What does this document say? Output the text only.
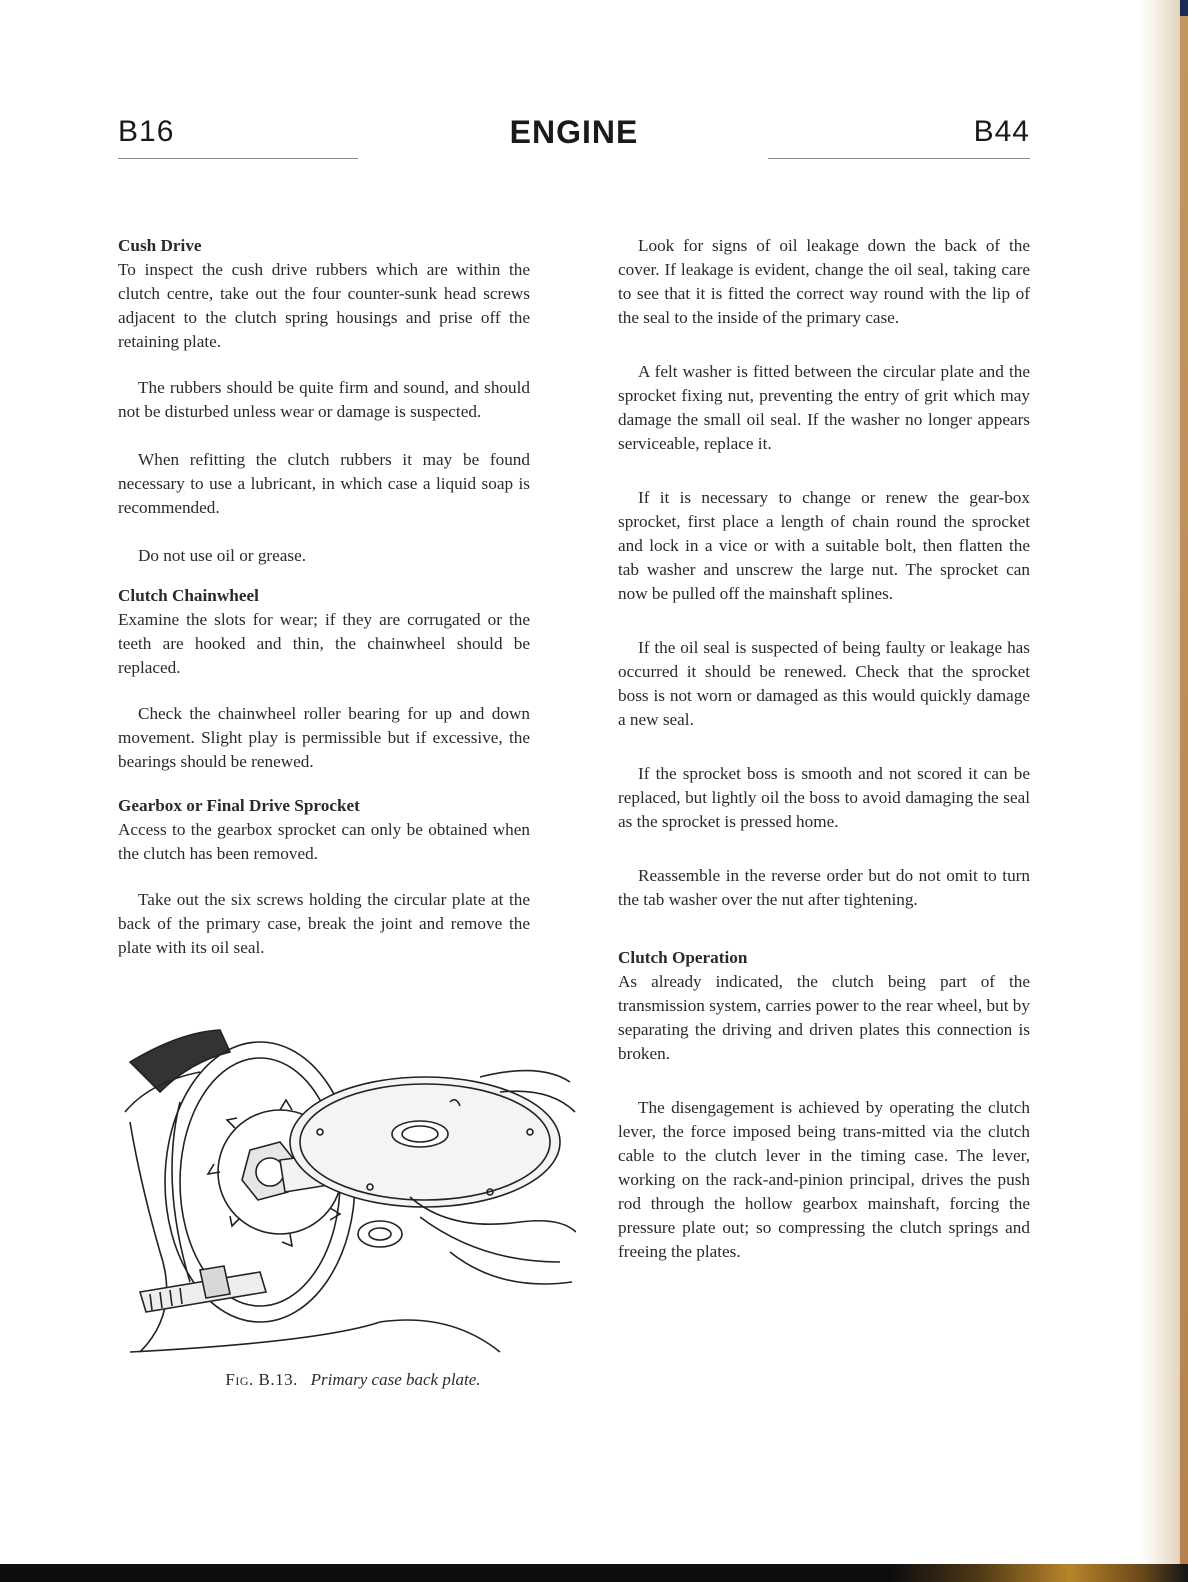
B16	ENGINE	B44

Cush Drive

To inspect the cush drive rubbers which are within the clutch centre, take out the four counter-sunk head screws adjacent to the clutch spring housings and prise off the retaining plate.

The rubbers should be quite firm and sound, and should not be disturbed unless wear or damage is suspected.

When refitting the clutch rubbers it may be found necessary to use a lubricant, in which case a liquid soap is recommended.

Do not use oil or grease.

Clutch Chainwheel

Examine the slots for wear; if they are corrugated or the teeth are hooked and thin, the chainwheel should be replaced.

Check the chainwheel roller bearing for up and down movement. Slight play is permissible but if excessive, the bearings should be renewed.

Gearbox or Final Drive Sprocket

Access to the gearbox sprocket can only be obtained when the clutch has been removed.

Take out the six screws holding the circular plate at the back of the primary case, break the joint and remove the plate with its oil seal.

Fig. B.13. Primary case back plate.

Look for signs of oil leakage down the back of the cover. If leakage is evident, change the oil seal, taking care to see that it is fitted the correct way round with the lip of the seal to the inside of the primary case.

A felt washer is fitted between the circular plate and the sprocket fixing nut, preventing the entry of grit which may damage the small oil seal. If the washer no longer appears serviceable, replace it.

If it is necessary to change or renew the gear-box sprocket, first place a length of chain round the sprocket and lock in a vice or with a suitable bolt, then flatten the tab washer and unscrew the large nut. The sprocket can now be pulled off the mainshaft splines.

If the oil seal is suspected of being faulty or leakage has occurred it should be renewed. Check that the sprocket boss is not worn or damaged as this would quickly damage a new seal.

If the sprocket boss is smooth and not scored it can be replaced, but lightly oil the boss to avoid damaging the seal as the sprocket is pressed home.

Reassemble in the reverse order but do not omit to turn the tab washer over the nut after tightening.

Clutch Operation

As already indicated, the clutch being part of the transmission system, carries power to the rear wheel, but by separating the driving and driven plates this connection is broken.

The disengagement is achieved by operating the clutch lever, the force imposed being trans-mitted via the clutch cable to the clutch lever in the timing case. The lever, working on the rack-and-pinion principal, drives the push rod through the hollow gearbox mainshaft, forcing the pressure plate out; so compressing the clutch springs and freeing the plates.
